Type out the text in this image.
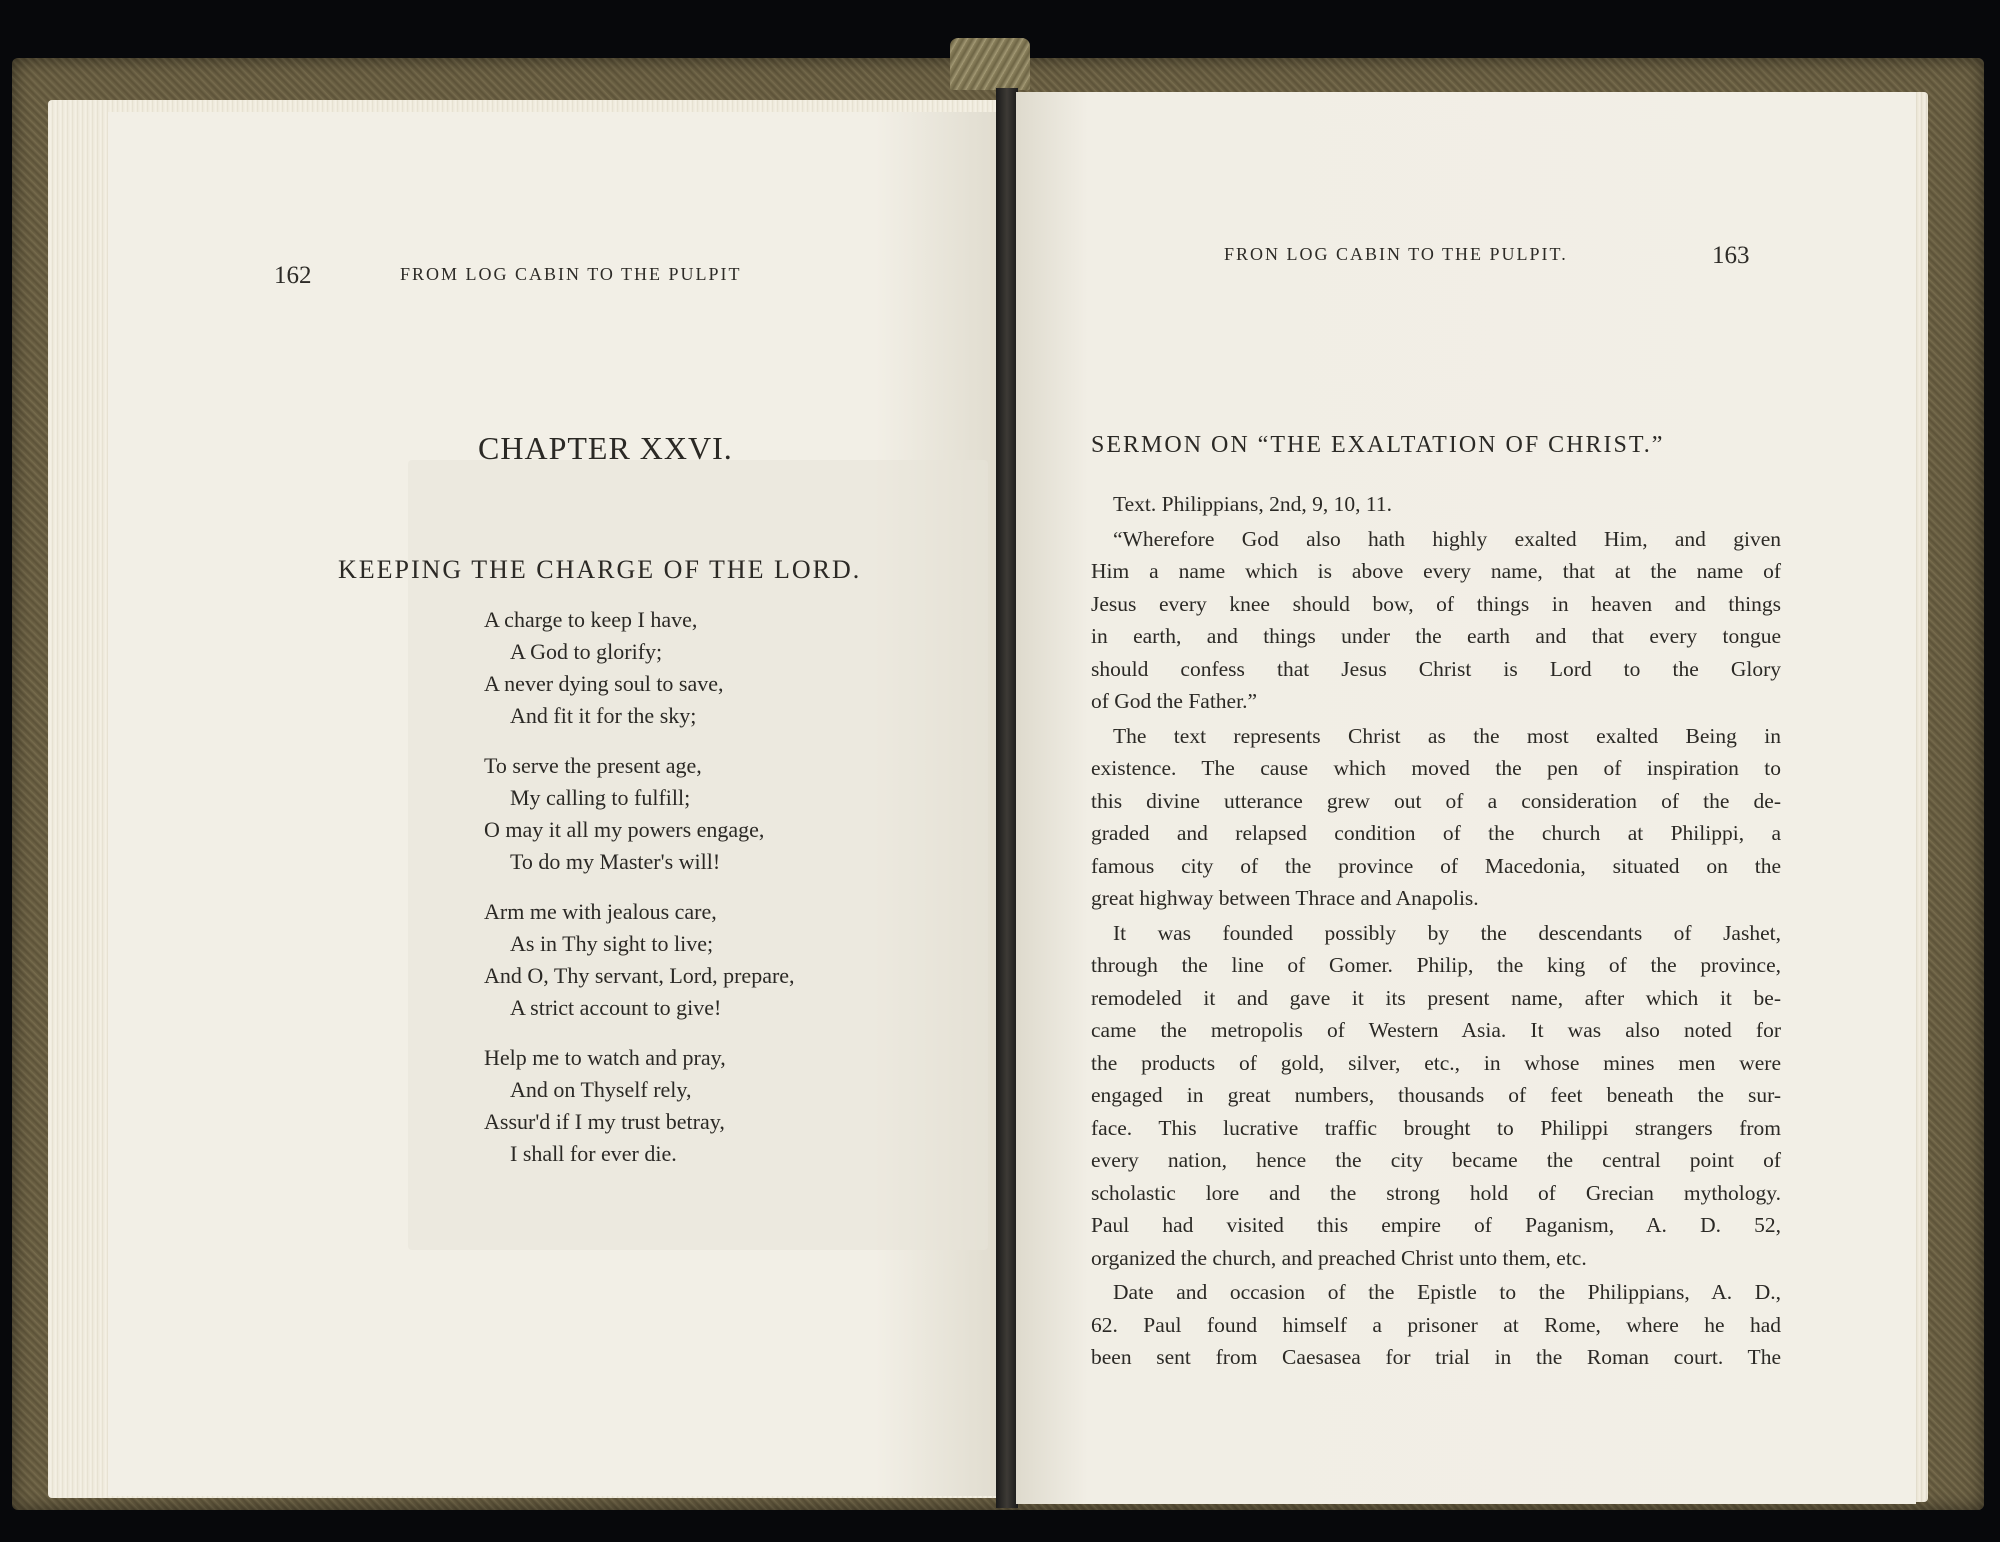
162	FROM LOG CABIN TO THE PULPIT
CHAPTER XXVI.
KEEPING THE CHARGE OF THE LORD.
A charge to keep I have,
A God to glorify;
A never dying soul to save,
And fit it for the sky;
To serve the present age,
My calling to fulfill;
O may it all my powers engage,
To do my Master's will!
Arm me with jealous care,
As in Thy sight to live;
And O, Thy servant, Lord, prepare,
A strict account to give!
Help me to watch and pray,
And on Thyself rely,
Assur'd if I my trust betray,
I shall for ever die.
FRON LOG CABIN TO THE PULPIT.	163
SERMON ON “THE EXALTATION OF CHRIST.”
Text. Philippians, 2nd, 9, 10, 11.
“Wherefore God also hath highly exalted Him, and given
Him a name which is above every name, that at the name of
Jesus every knee should bow, of things in heaven and things
in earth, and things under the earth and that every tongue
should confess that Jesus Christ is Lord to the Glory
of God the Father.”
The text represents Christ as the most exalted Being in
existence. The cause which moved the pen of inspiration to
this divine utterance grew out of a consideration of the de-
graded and relapsed condition of the church at Philippi, a
famous city of the province of Macedonia, situated on the
great highway between Thrace and Anapolis.
It was founded possibly by the descendants of Jashet,
through the line of Gomer. Philip, the king of the province,
remodeled it and gave it its present name, after which it be-
came the metropolis of Western Asia. It was also noted for
the products of gold, silver, etc., in whose mines men were
engaged in great numbers, thousands of feet beneath the sur-
face. This lucrative traffic brought to Philippi strangers from
every nation, hence the city became the central point of
scholastic lore and the strong hold of Grecian mythology.
Paul had visited this empire of Paganism, A. D. 52,
organized the church, and preached Christ unto them, etc.
Date and occasion of the Epistle to the Philippians, A. D.,
62. Paul found himself a prisoner at Rome, where he had
been sent from Caesasea for trial in the Roman court. The
